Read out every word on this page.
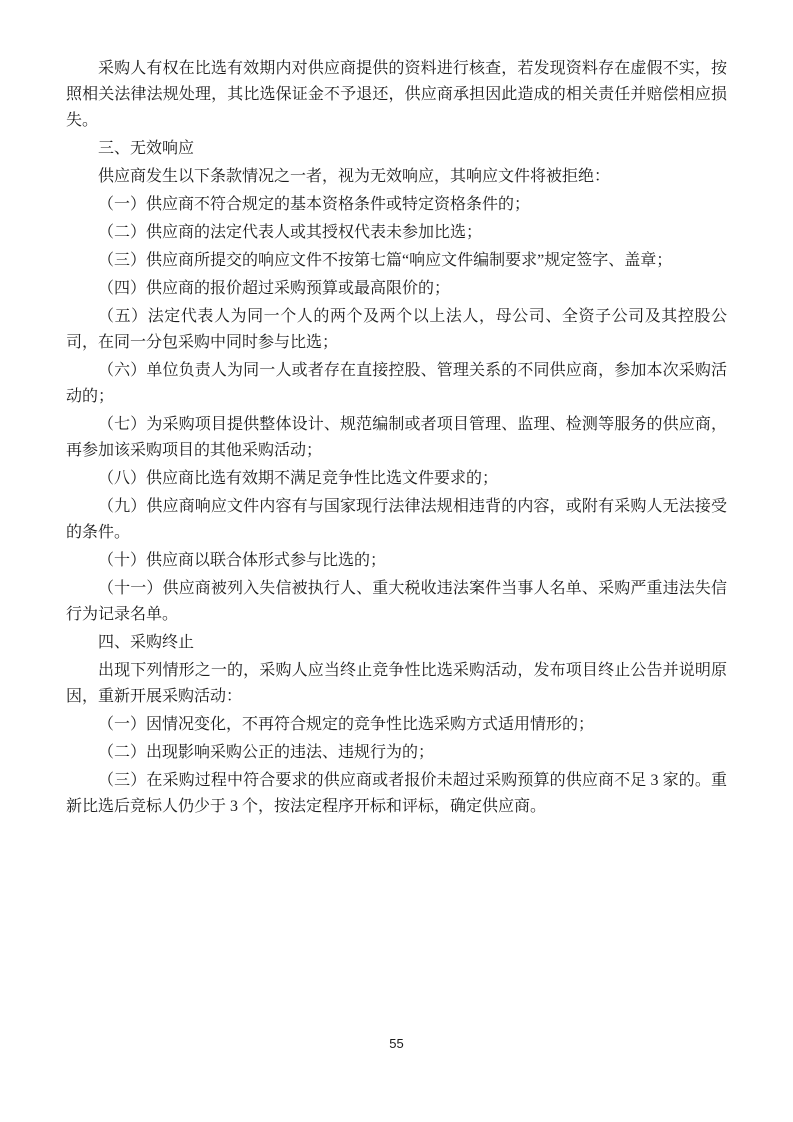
采购人有权在比选有效期内对供应商提供的资料进行核查，若发现资料存在虚假不实，按照相关法律法规处理，其比选保证金不予退还，供应商承担因此造成的相关责任并赔偿相应损失。

三、无效响应

供应商发生以下条款情况之一者，视为无效响应，其响应文件将被拒绝：

（一）供应商不符合规定的基本资格条件或特定资格条件的；

（二）供应商的法定代表人或其授权代表未参加比选；

（三）供应商所提交的响应文件不按第七篇“响应文件编制要求”规定签字、盖章；

（四）供应商的报价超过采购预算或最高限价的；

（五）法定代表人为同一个人的两个及两个以上法人，母公司、全资子公司及其控股公司，在同一分包采购中同时参与比选；

（六）单位负责人为同一人或者存在直接控股、管理关系的不同供应商，参加本次采购活动的；

（七）为采购项目提供整体设计、规范编制或者项目管理、监理、检测等服务的供应商，再参加该采购项目的其他采购活动；

（八）供应商比选有效期不满足竞争性比选文件要求的；

（九）供应商响应文件内容有与国家现行法律法规相违背的内容，或附有采购人无法接受的条件。

（十）供应商以联合体形式参与比选的；

（十一）供应商被列入失信被执行人、重大税收违法案件当事人名单、采购严重违法失信行为记录名单。

四、采购终止

出现下列情形之一的，采购人应当终止竞争性比选采购活动，发布项目终止公告并说明原因，重新开展采购活动：

（一）因情况变化，不再符合规定的竞争性比选采购方式适用情形的；

（二）出现影响采购公正的违法、违规行为的；

（三）在采购过程中符合要求的供应商或者报价未超过采购预算的供应商不足 3 家的。重新比选后竞标人仍少于 3 个，按法定程序开标和评标，确定供应商。

55
